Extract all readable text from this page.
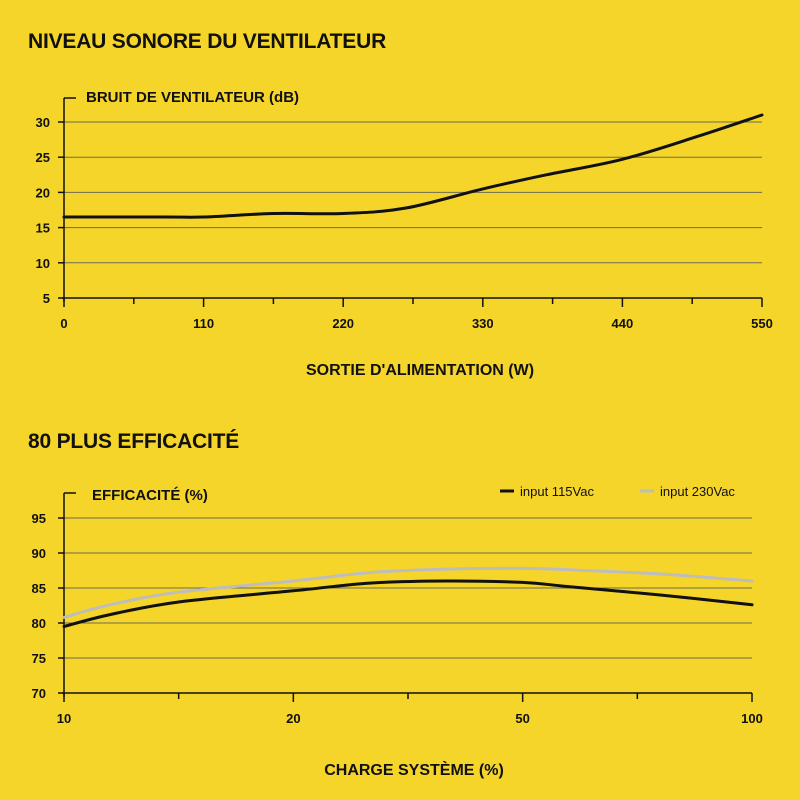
NIVEAU SONORE DU VENTILATEUR
80 PLUS EFFICACITÉ
5
10
15
20
25
30
0	110	220	330	440	550
BRUIT DE VENTILATEUR (dB)
SORTIE D'ALIMENTATION (W)
70
75
80
85
90
95
10	20	50	100
EFFICACITÉ (%)
CHARGE SYSTÈME (%)
input 115Vac	input 230Vac
